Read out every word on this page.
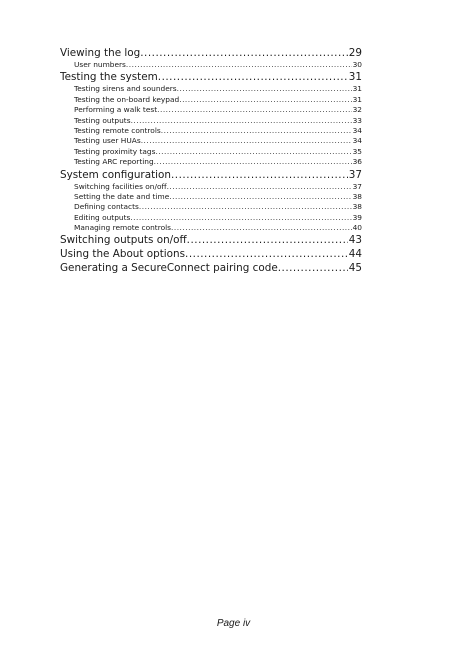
Viewing the log .....	29
User numbers .....	30
Testing the system .....	31
Testing sirens and sounders .....	31
Testing the on-board keypad .....	31
Performing a walk test .....	32
Testing outputs .....	33
Testing remote controls .....	34
Testing user HUAs .....	34
Testing proximity tags .....	35
Testing ARC reporting .....	36
System configuration .....	37
Switching facilities on/off .....	37
Setting the date and time .....	38
Defining contacts .....	38
Editing outputs .....	39
Managing remote controls .....	40
Switching outputs on/off .....	43
Using the About options .....	44
Generating a SecureConnect pairing code .....	45
Page iv
